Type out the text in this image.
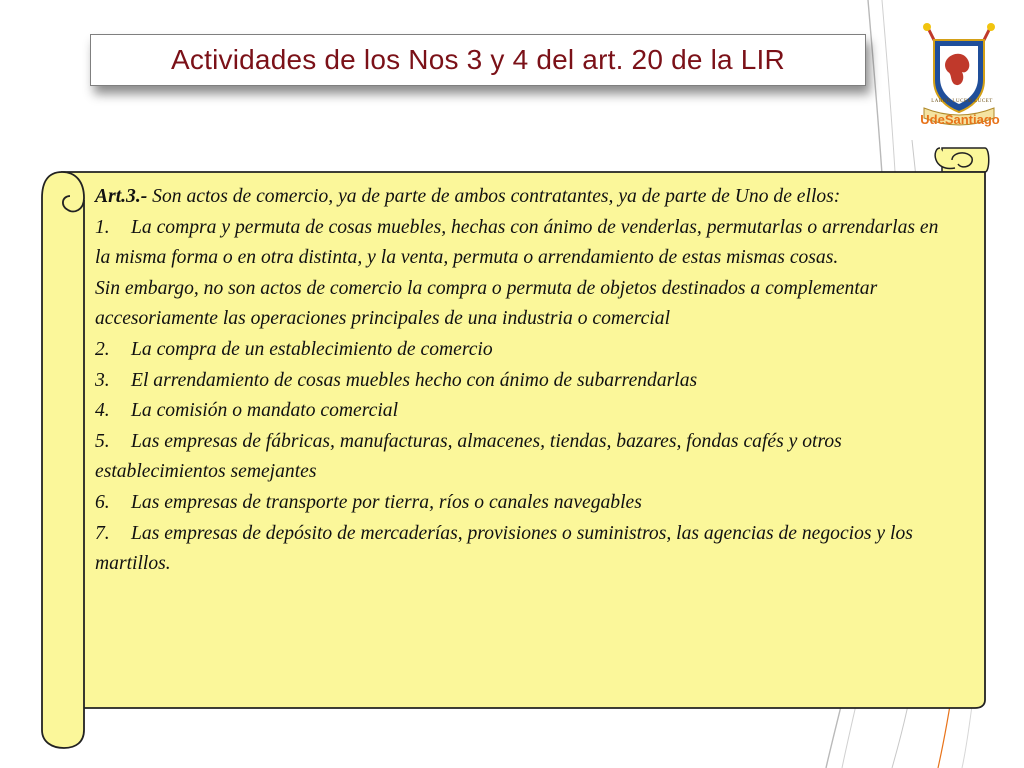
Actividades de los Nos 3 y 4 del art. 20 de la LIR
UdeSantiago
LABOR LUCEM LUCET

Art.3.- Son actos de comercio, ya de parte de ambos contratantes, ya de parte de Uno de ellos:

1. La compra y permuta de cosas muebles, hechas con ánimo de venderlas, permutarlas o arrendarlas en la misma forma o en otra distinta, y la venta, permuta o arrendamiento de estas mismas cosas.

Sin embargo, no son actos de comercio la compra o permuta de objetos destinados a complementar accesoriamente las operaciones principales de una industria o comercial

2. La compra de un establecimiento de comercio

3. El arrendamiento de cosas muebles hecho con ánimo de subarrendarlas

4. La comisión o mandato comercial

5. Las empresas de fábricas, manufacturas, almacenes, tiendas, bazares, fondas cafés y otros establecimientos semejantes

6. Las empresas de transporte por tierra, ríos o canales navegables

7. Las empresas de depósito de mercaderías, provisiones o suministros, las agencias de negocios y los martillos.
